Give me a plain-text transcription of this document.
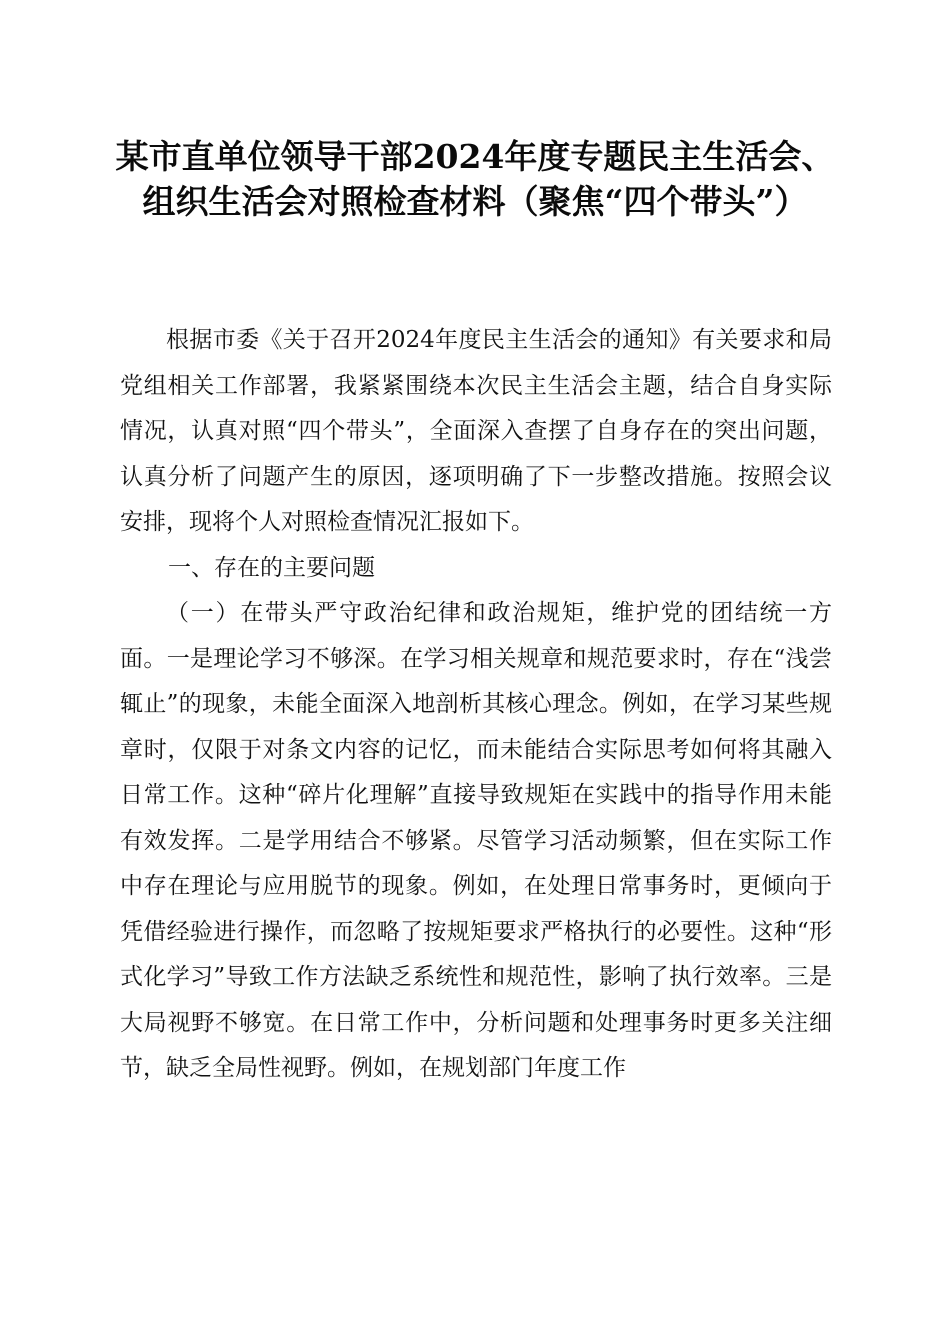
某市直单位领导干部2024年度专题民主生活会、组织生活会对照检查材料（聚焦“四个带头”）

根据市委《关于召开2024年度民主生活会的通知》有关要求和局党组相关工作部署，我紧紧围绕本次民主生活会主题，结合自身实际情况，认真对照“四个带头”，全面深入查摆了自身存在的突出问题，认真分析了问题产生的原因，逐项明确了下一步整改措施。按照会议安排，现将个人对照检查情况汇报如下。

一、存在的主要问题

（一）在带头严守政治纪律和政治规矩，维护党的团结统一方面。一是理论学习不够深。在学习相关规章和规范要求时，存在“浅尝辄止”的现象，未能全面深入地剖析其核心理念。例如，在学习某些规章时，仅限于对条文内容的记忆，而未能结合实际思考如何将其融入日常工作。这种“碎片化理解”直接导致规矩在实践中的指导作用未能有效发挥。二是学用结合不够紧。尽管学习活动频繁，但在实际工作中存在理论与应用脱节的现象。例如，在处理日常事务时，更倾向于凭借经验进行操作，而忽略了按规矩要求严格执行的必要性。这种“形式化学习”导致工作方法缺乏系统性和规范性，影响了执行效率。三是大局视野不够宽。在日常工作中，分析问题和处理事务时更多关注细节，缺乏全局性视野。例如，在规划部门年度工作
